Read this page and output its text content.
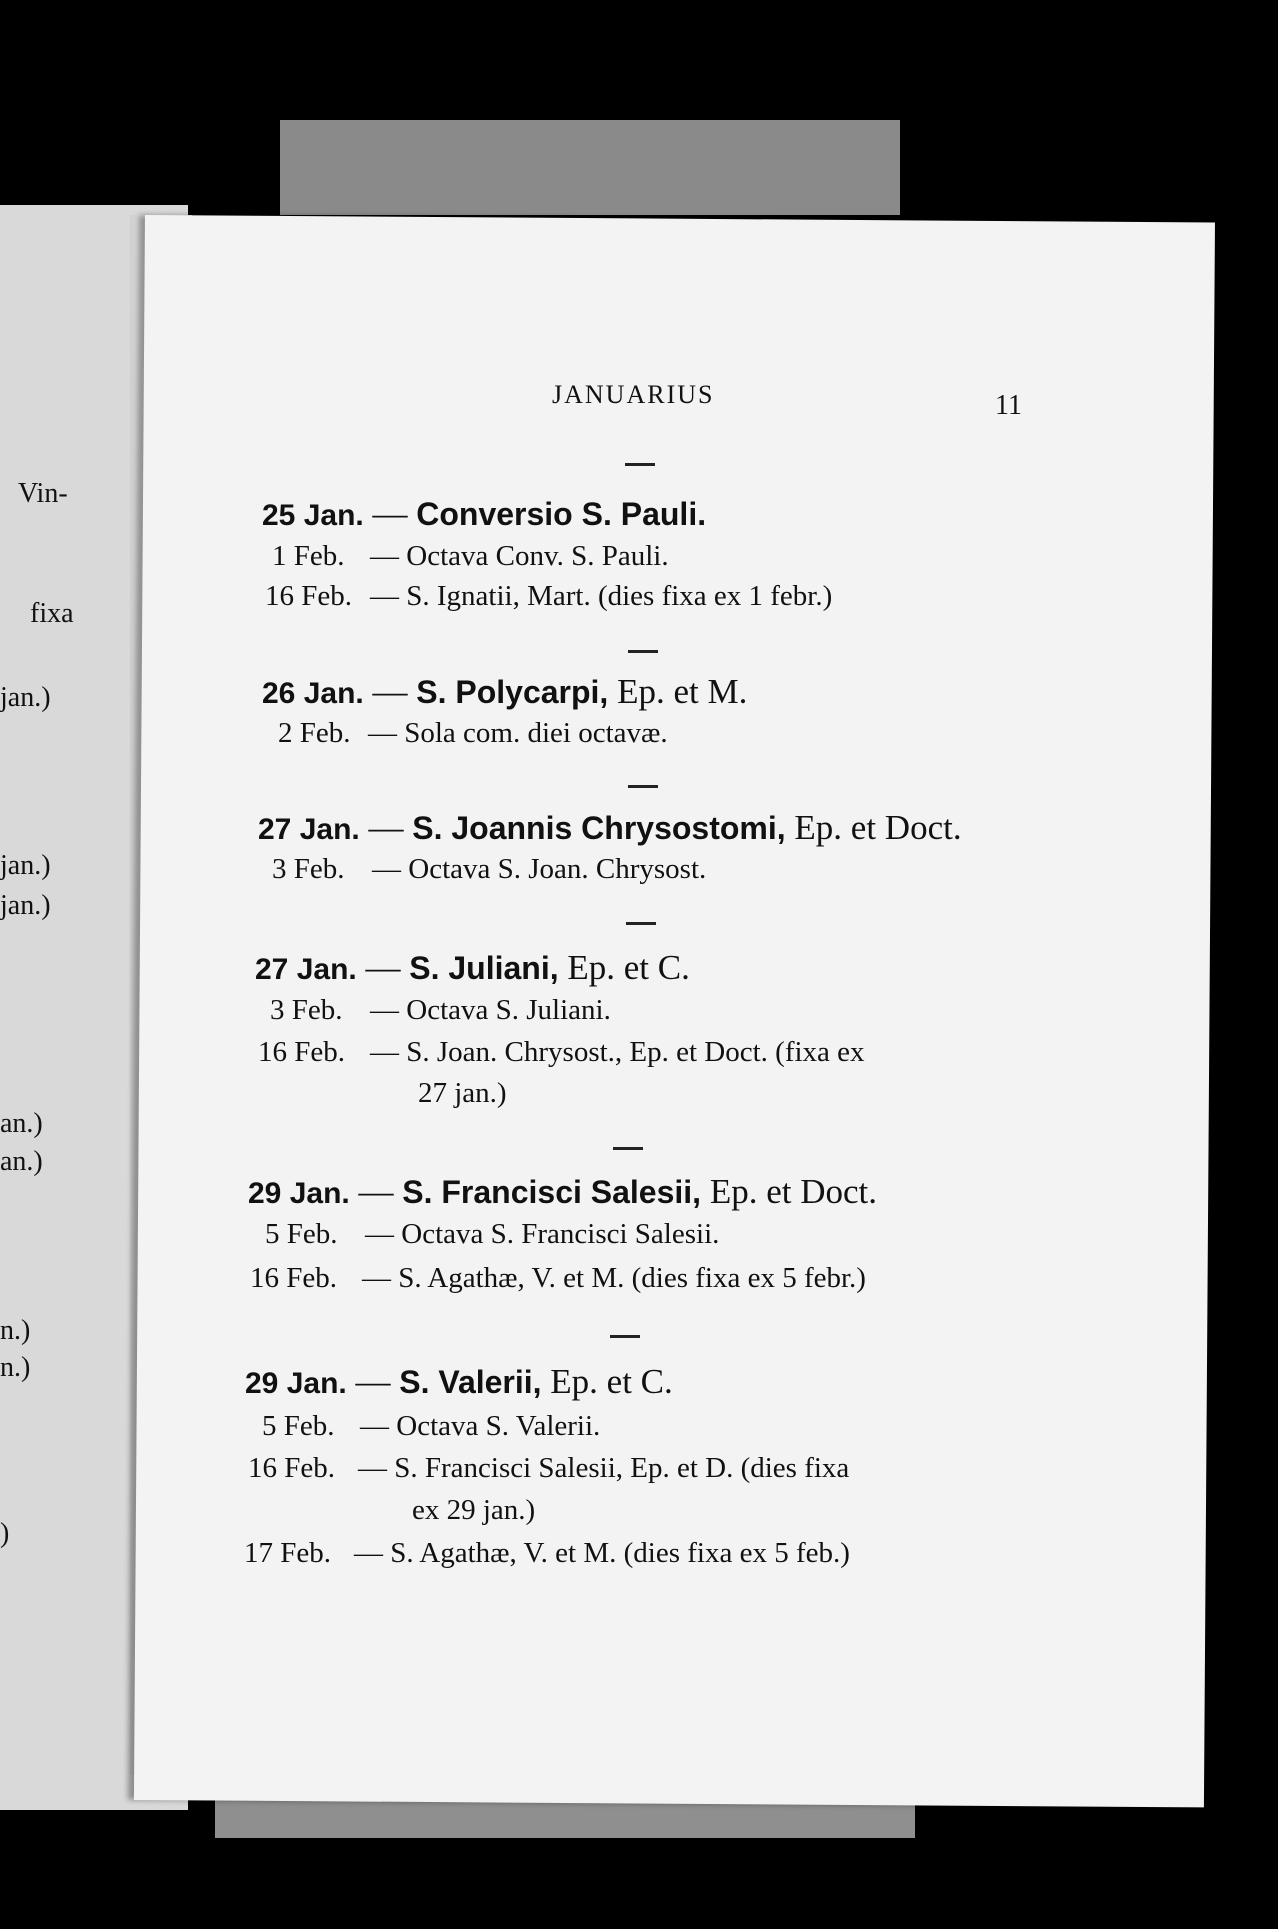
Vin-
fixa
jan.)
jan.)
jan.)
an.)
an.)
n.)
n.)
)
JANUARIUS	11
25 Jan. — Conversio S. Pauli.
1 Feb. — Octava Conv. S. Pauli.
16 Feb. — S. Ignatii, Mart. (dies fixa ex 1 febr.)
26 Jan. — S. Polycarpi, Ep. et M.
2 Feb. — Sola com. diei octavæ.
27 Jan. — S. Joannis Chrysostomi, Ep. et Doct.
3 Feb. — Octava S. Joan. Chrysost.
27 Jan. — S. Juliani, Ep. et C.
3 Feb. — Octava S. Juliani.
16 Feb. — S. Joan. Chrysost., Ep. et Doct. (fixa ex
27 jan.)
29 Jan. — S. Francisci Salesii, Ep. et Doct.
5 Feb. — Octava S. Francisci Salesii.
16 Feb. — S. Agathæ, V. et M. (dies fixa ex 5 febr.)
29 Jan. — S. Valerii, Ep. et C.
5 Feb. — Octava S. Valerii.
16 Feb. — S. Francisci Salesii, Ep. et D. (dies fixa
ex 29 jan.)
17 Feb. — S. Agathæ, V. et M. (dies fixa ex 5 feb.)
